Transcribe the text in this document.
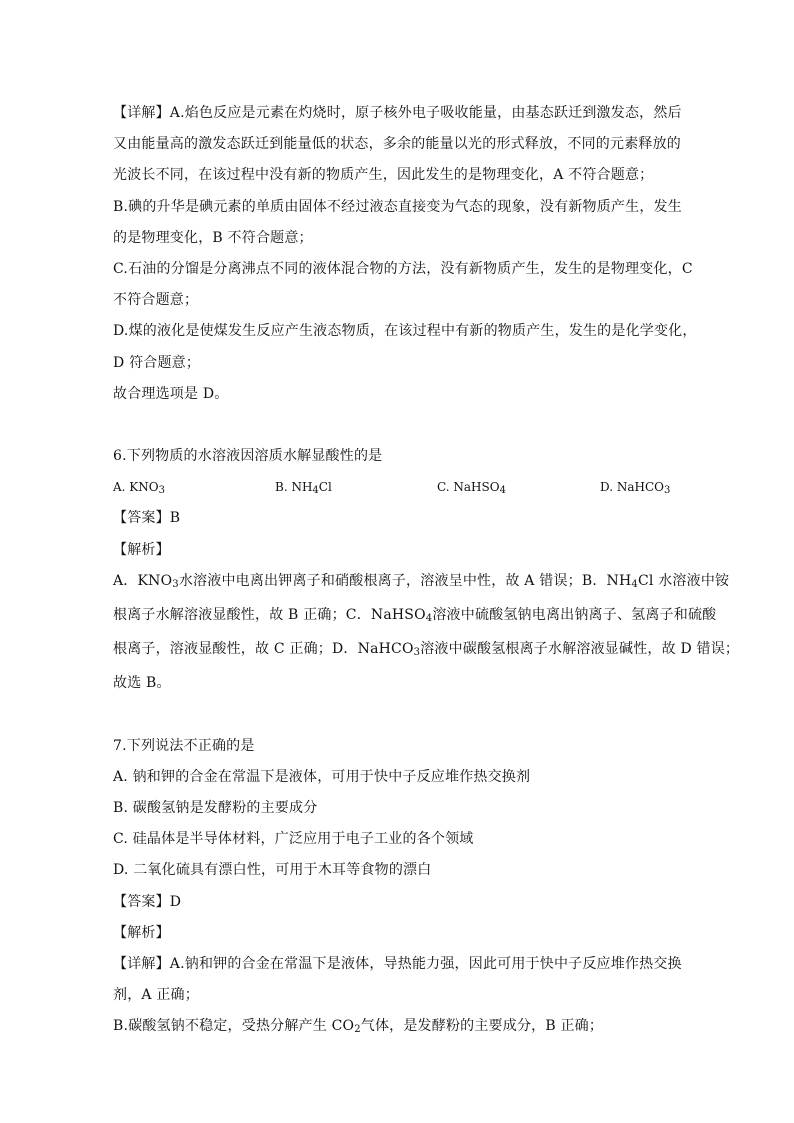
【详解】A.焰色反应是元素在灼烧时，原子核外电子吸收能量，由基态跃迁到激发态，然后

又由能量高的激发态跃迁到能量低的状态，多余的能量以光的形式释放，不同的元素释放的

光波长不同，在该过程中没有新的物质产生，因此发生的是物理变化，A 不符合题意；

B.碘的升华是碘元素的单质由固体不经过液态直接变为气态的现象，没有新物质产生，发生

的是物理变化，B 不符合题意；

C.石油的分馏是分离沸点不同的液体混合物的方法，没有新物质产生，发生的是物理变化，C

不符合题意；

D.煤的液化是使煤发生反应产生液态物质，在该过程中有新的物质产生，发生的是化学变化，

D 符合题意；

故合理选项是 D。

6.下列物质的水溶液因溶质水解显酸性的是

A. KNO3	B. NH4Cl	C. NaHSO4	D. NaHCO3

【答案】B

【解析】

A．KNO3水溶液中电离出钾离子和硝酸根离子，溶液呈中性，故 A 错误；B．NH4Cl 水溶液中铵

根离子水解溶液显酸性，故 B 正确；C．NaHSO4溶液中硫酸氢钠电离出钠离子、氢离子和硫酸

根离子，溶液显酸性，故 C 正确；D．NaHCO3溶液中碳酸氢根离子水解溶液显碱性，故 D 错误；

故选 B。

7.下列说法不正确的是

A. 钠和钾的合金在常温下是液体，可用于快中子反应堆作热交换剂

B. 碳酸氢钠是发酵粉的主要成分

C. 硅晶体是半导体材料，广泛应用于电子工业的各个领域

D. 二氧化硫具有漂白性，可用于木耳等食物的漂白

【答案】D

【解析】

【详解】A.钠和钾的合金在常温下是液体，导热能力强，因此可用于快中子反应堆作热交换

剂，A 正确；

B.碳酸氢钠不稳定，受热分解产生 CO2气体，是发酵粉的主要成分，B 正确；
